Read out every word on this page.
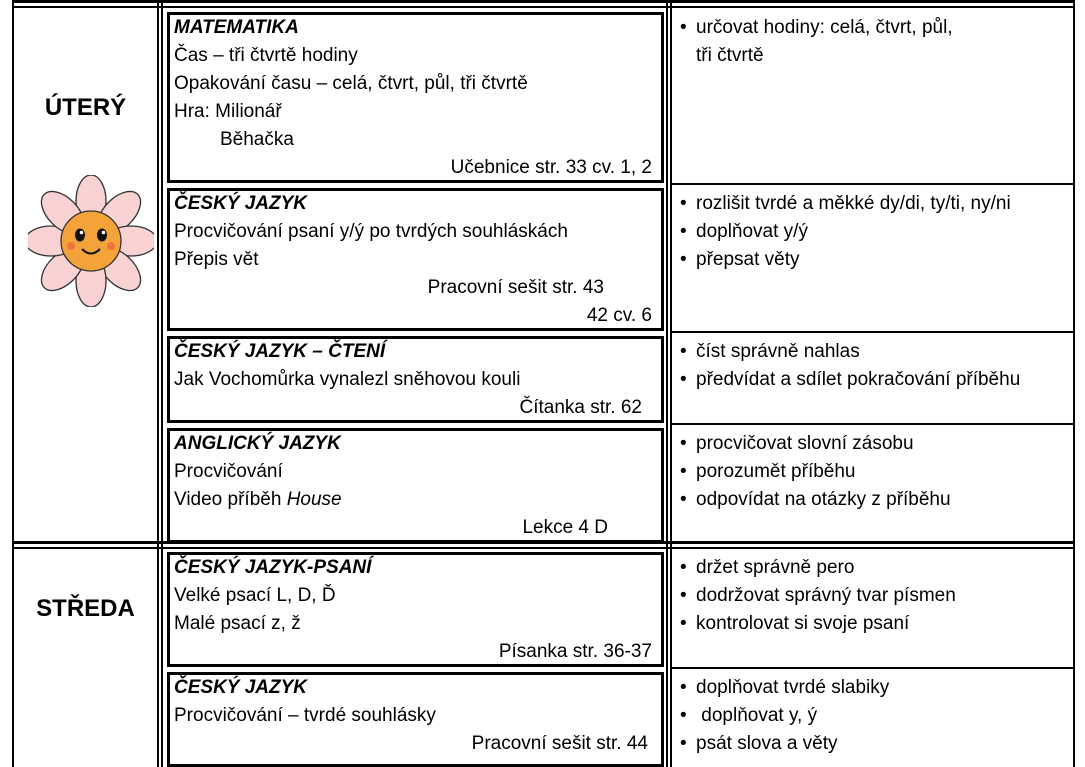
ÚTERÝ
STŘEDA
MATEMATIKA
Čas – tři čtvrtě hodiny
Opakování času – celá, čtvrt, půl, tři čtvrtě
Hra: Milionář
Běhačka
Učebnice str. 33 cv. 1, 2
ČESKÝ JAZYK
Procvičování psaní y/ý po tvrdých souhláskách
Přepis vět
Pracovní sešit str. 43
42 cv. 6
ČESKÝ JAZYK – ČTENÍ
Jak Vochomůrka vynalezl sněhovou kouli
Čítanka str. 62
ANGLICKÝ JAZYK
Procvičování
Video příběh House
Lekce 4 D
ČESKÝ JAZYK-PSANÍ
Velké psací L, D, Ď
Malé psací z, ž
Písanka str. 36-37
ČESKÝ JAZYK
Procvičování – tvrdé souhlásky
Pracovní sešit str. 44
• určovat hodiny: celá, čtvrt, půl,
tři čtvrtě
• rozlišit tvrdé a měkké dy/di, ty/ti, ny/ni
• doplňovat y/ý
• přepsat věty
• číst správně nahlas
• předvídat a sdílet pokračování příběhu
• procvičovat slovní zásobu
• porozumět příběhu
• odpovídat na otázky z příběhu
• držet správně pero
• dodržovat správný tvar písmen
• kontrolovat si svoje psaní
• doplňovat tvrdé slabiky
• doplňovat y, ý
• psát slova a věty
